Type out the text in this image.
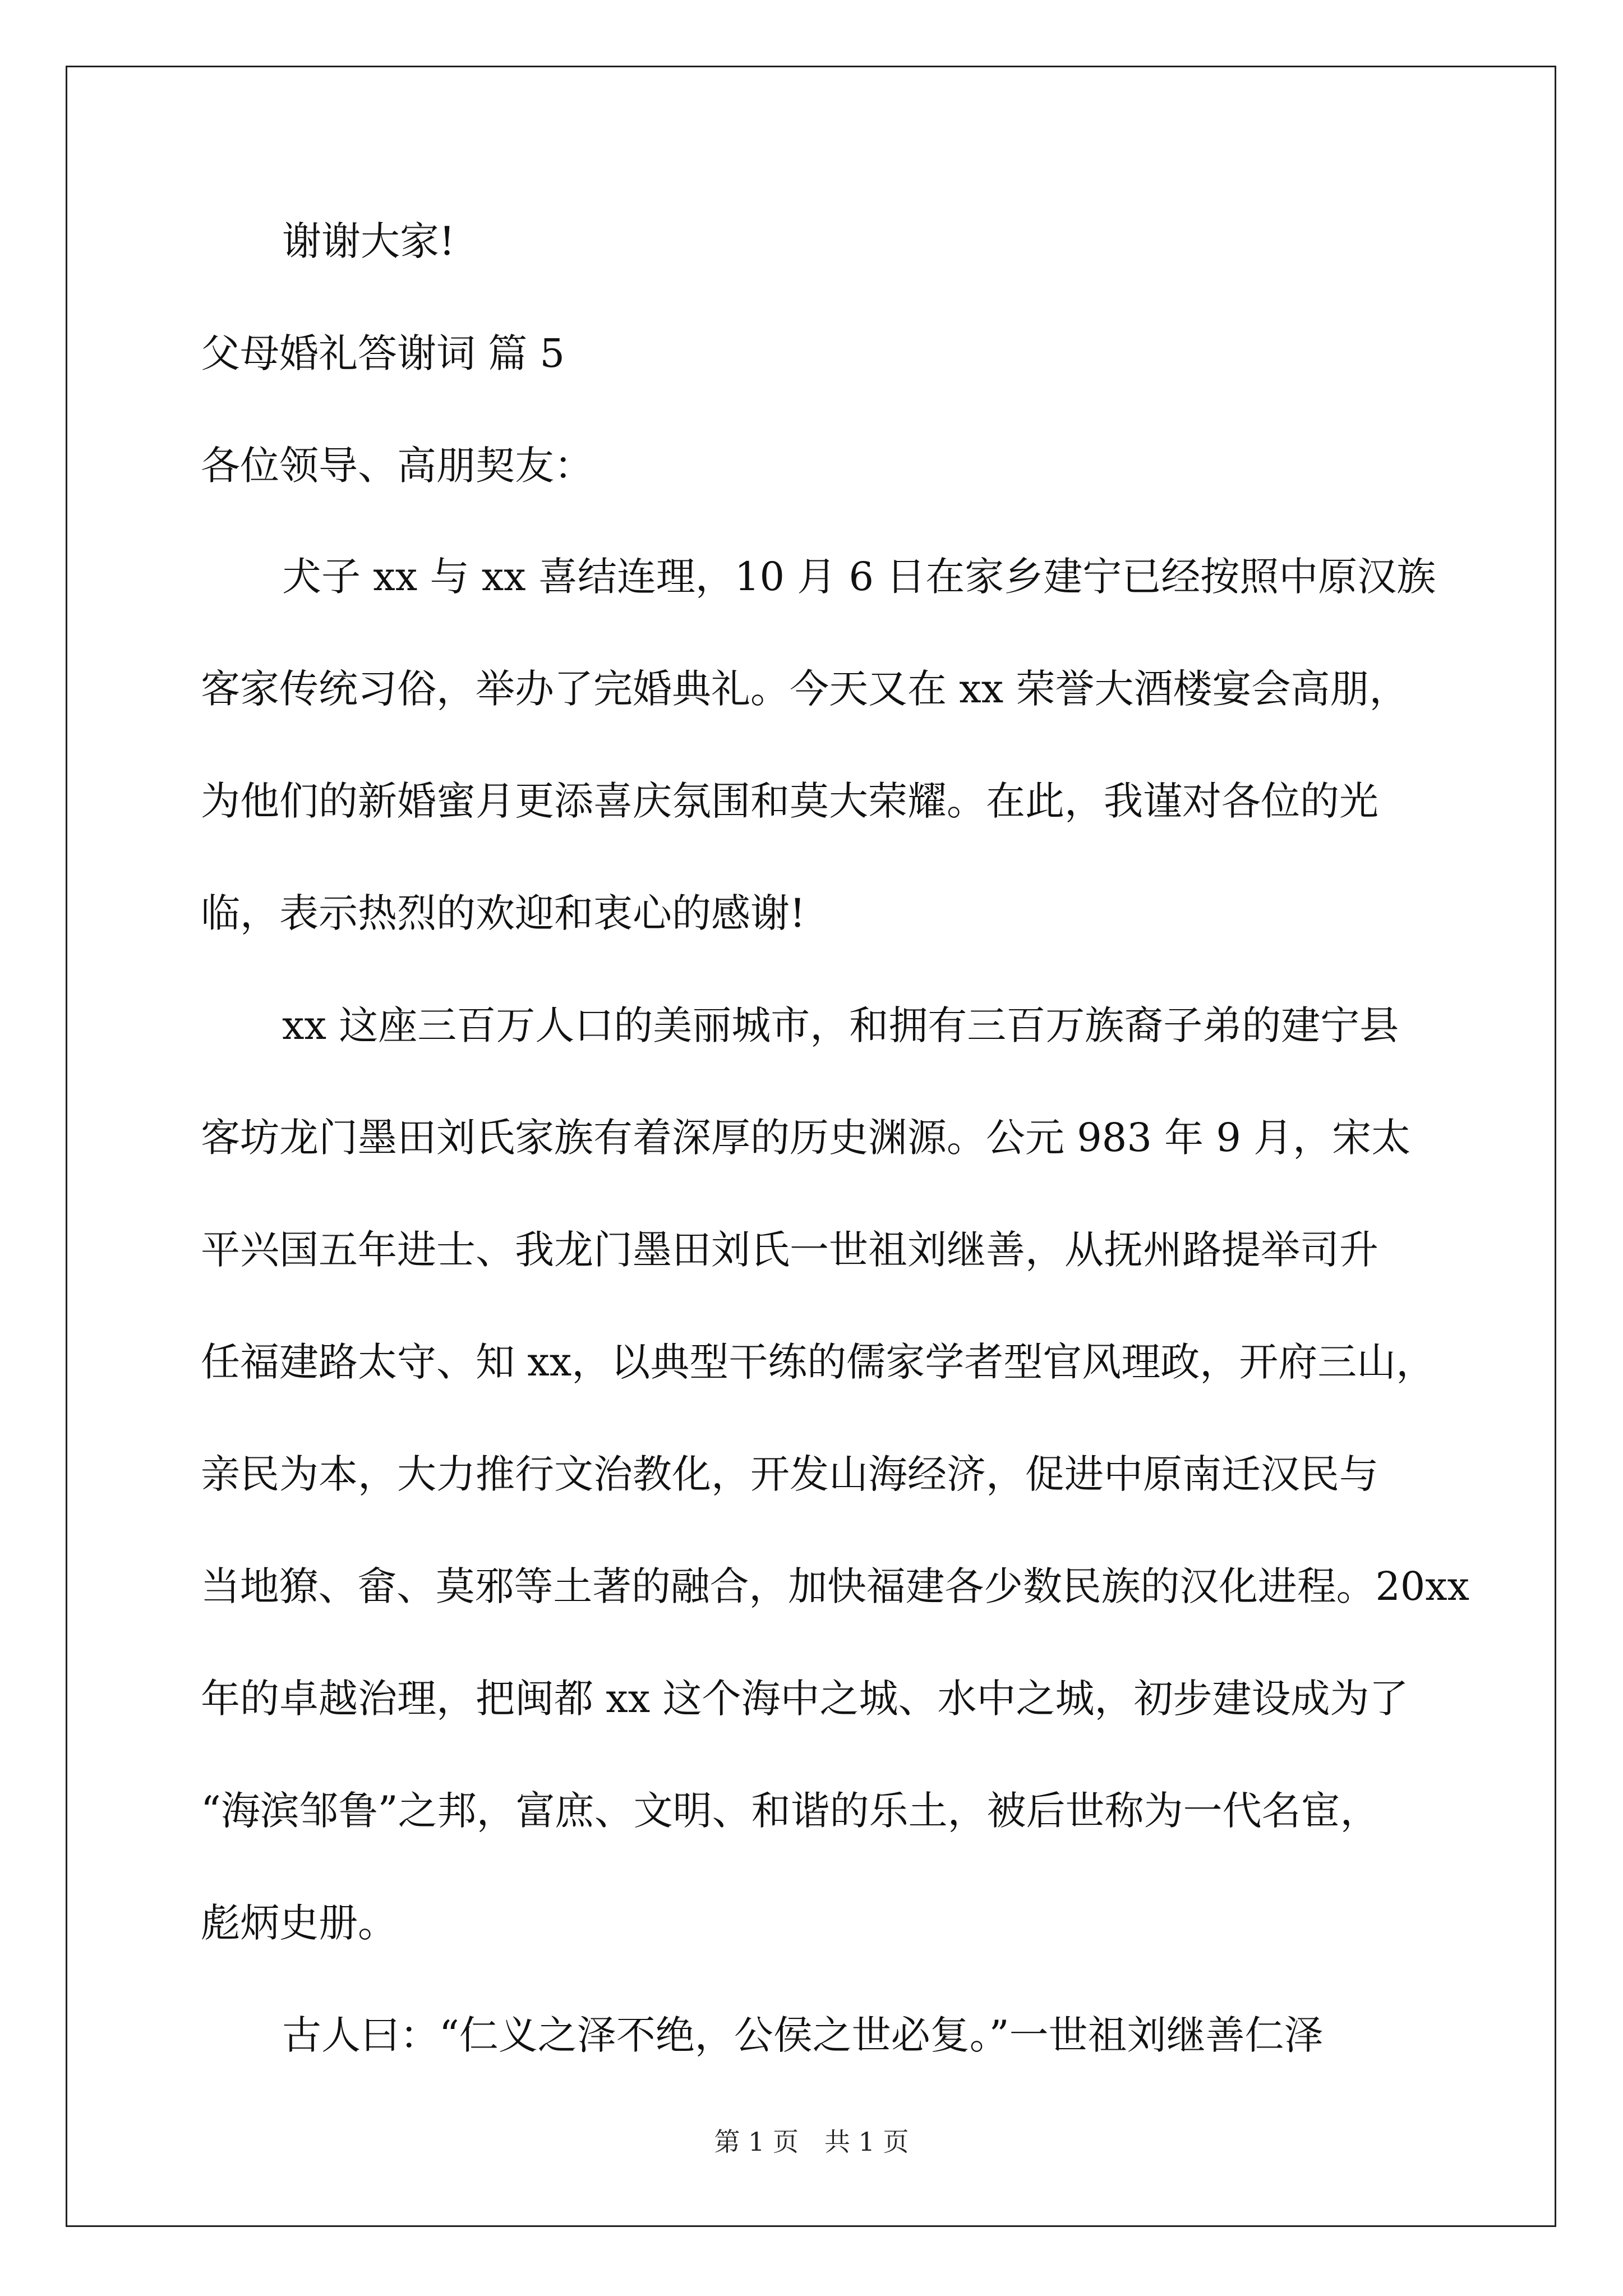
谢谢大家!
父母婚礼答谢词 篇 5
各位领导、高朋契友：
犬子 xx 与 xx 喜结连理，10 月 6 日在家乡建宁已经按照中原汉族
客家传统习俗，举办了完婚典礼。今天又在 xx 荣誉大酒楼宴会高朋，
为他们的新婚蜜月更添喜庆氛围和莫大荣耀。在此，我谨对各位的光
临，表示热烈的欢迎和衷心的感谢!
xx 这座三百万人口的美丽城市，和拥有三百万族裔子弟的建宁县
客坊龙门墨田刘氏家族有着深厚的历史渊源。公元 983 年 9 月，宋太
平兴国五年进士、我龙门墨田刘氏一世祖刘继善，从抚州路提举司升
任福建路太守、知 xx，以典型干练的儒家学者型官风理政，开府三山，
亲民为本，大力推行文治教化，开发山海经济，促进中原南迁汉民与
当地獠、畲、莫邪等土著的融合，加快福建各少数民族的汉化进程。20xx
年的卓越治理，把闽都 xx 这个海中之城、水中之城，初步建设成为了
“海滨邹鲁”之邦，富庶、文明、和谐的乐土，被后世称为一代名宦，
彪炳史册。
古人曰：“仁义之泽不绝，公侯之世必复。”一世祖刘继善仁泽
第 1 页　共 1 页
